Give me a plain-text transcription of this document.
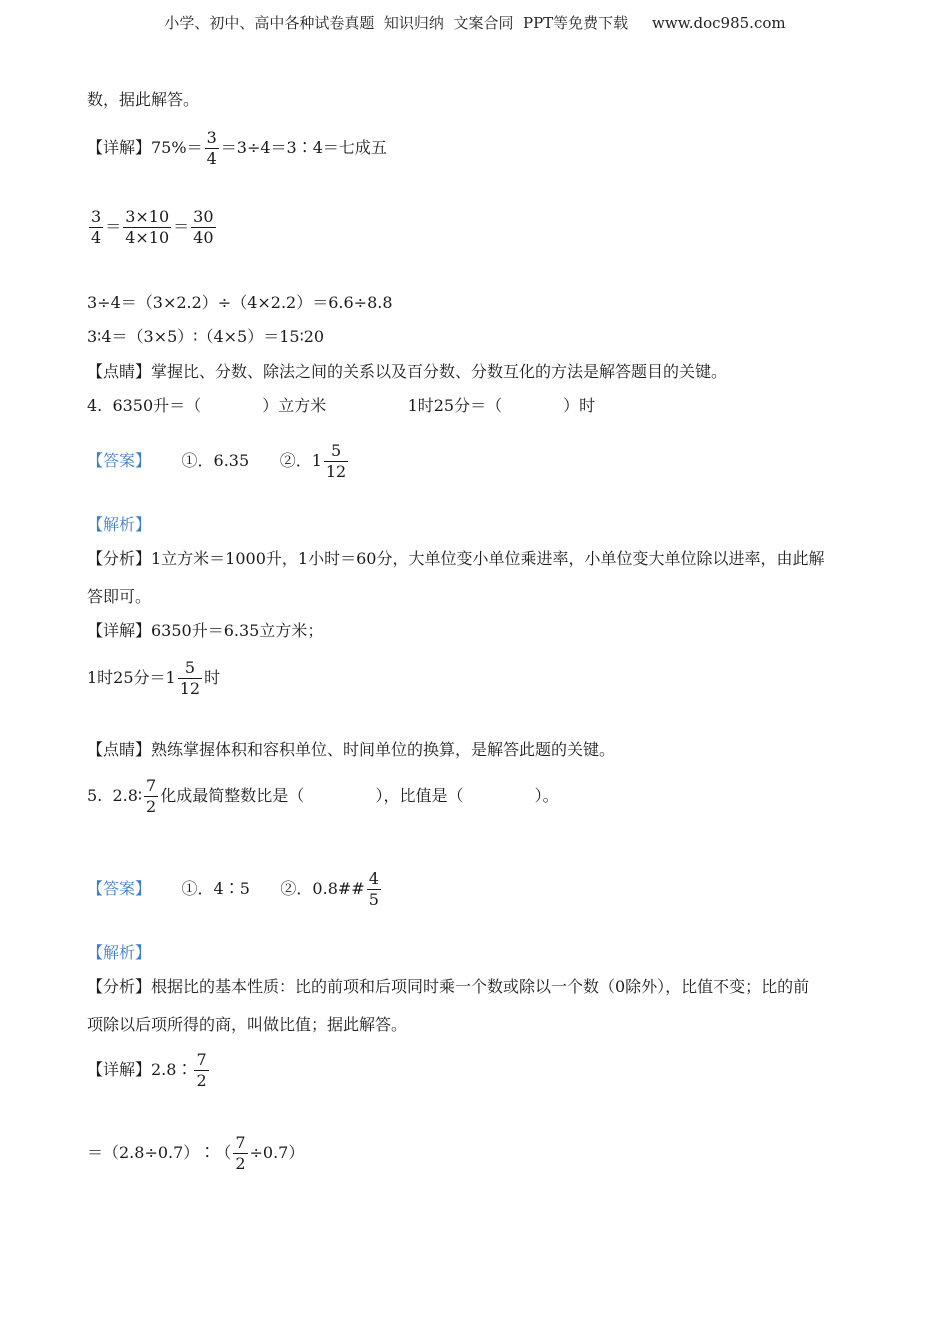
小学、初中、高中各种试卷真题  知识归纳  文案合同  PPT等免费下载     www.doc985.com
数，据此解答。
【详解】$75\%= \frac{3}{4}$ ＝3÷4＝3∶4＝七成五
$\frac{3}{4} = \frac{3\times 10}{4\times 10} = \frac{30}{40}$
3÷4＝（3×2.2）÷（4×2.2）＝6.6÷8.8
3∶4＝（3×5）∶（4×5）＝15∶20
【点睛】掌握比、分数、除法之间的关系以及百分数、分数互化的方法是解答题目的关键。
4.  6350升＝（            ）立方米                1时25分＝（            ）时
【答案】 ①．6.35 ②．$1 \frac{5}{12}$
【解析】
【分析】1立方米＝1000升，1小时＝60分，大单位变小单位乘进率，小单位变大单位除以进率，由此解
答即可。
【详解】6350升＝6.35立方米；
1时25分$=1 \frac{5}{12}$ 时
【点睛】熟练掌握体积和容积单位、时间单位的换算，是解答此题的关键。
5.  2.8∶ $\frac{7}{2}$ 化成最简整数比是（              ），比值是（              ）。
【答案】 ①．4∶5 ②．0.8## $\frac{4}{5}$
【解析】
【分析】根据比的基本性质：比的前项和后项同时乘一个数或除以一个数（0除外），比值不变；比的前
项除以后项所得的商，叫做比值；据此解答。
【详解】2.8∶ $\frac{7}{2}$
＝（2.8÷0.7）∶（ $\frac{7}{2} \div 0.7$）
